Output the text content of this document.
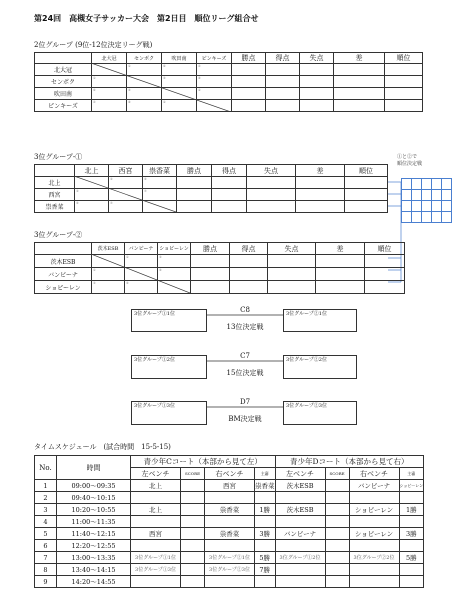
第24回　高槻女子サッカー大会　第2日目　順位リーグ組合せ
2位グループ (9位-12位決定リーグ戦)
	北大冠	センボク	吹田南	ピンキーズ	勝点	得点	失点	差	順位
北大冠		①	⑥	④					

センボク	①		⑤	⑧					

吹田南	⑥	⑤		②					

ピンキーズ	④	⑧	②						

3位グループ-①
	北上	西宮	祟香菜	勝点	得点	失点	差	順位
北上		③	⑤					

西宮	③		⑦					

祟香菜	⑤	⑦						

①と②で
順位決定戦

3位グループ-②
	茨木ESB	バンビーナ	ショピーレン	勝点	得点	失点	差	順位
茨木ESB		①	③					

バンビーナ	①		⑤					

ショピーレン	③	⑤						

3位グループ①1位	3位グループ②1位
C8
13位決定戦
3位グループ①2位	3位グループ②2位
C7
15位決定戦
3位グループ①3位	3位グループ②3位
D7
BM決定戦
タイムスケジュール　(試合時間　15-5-15)
No.	時間	青少年Cコート（本部から見て左）				青少年Dコート（本部から見て右）			
		左ベンチ	SCORE	右ベンチ	主審	左ベンチ	SCORE	右ベンチ	主審
1	09:00～09:35	北上		西宮	祟香菜	茨木ESB		バンビーナ	ショピーレン
2	09:40～10:15								
3	10:20～10:55	北上		祟香菜	1勝	茨木ESB		ショピーレン	1勝
4	11:00～11:35								
5	11:40～12:15	西宮		祟香菜	3勝	バンビーナ		ショピーレン	3勝
6	12:20～12:55								
7	13:00～13:35	3位グループ①1位		3位グループ②1位	5勝	3位グループ①2位		3位グループ②2位	5勝
8	13:40～14:15	3位グループ①3位		3位グループ②3位	7勝				
9	14:20～14:55								
